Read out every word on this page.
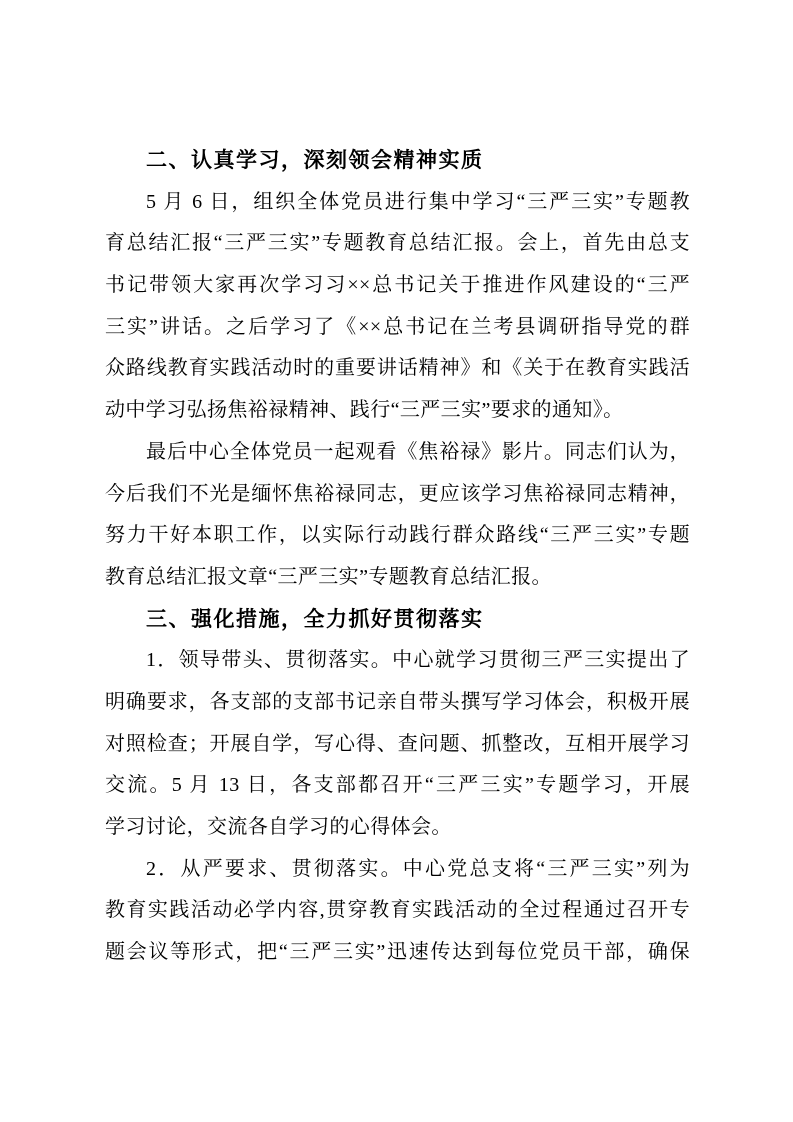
二、认真学习，深刻领会精神实质
5 月 6 日，组织全体党员进行集中学习“三严三实”专题教
育总结汇报“三严三实”专题教育总结汇报。会上，首先由总支
书记带领大家再次学习习××总书记关于推进作风建设的“三严
三实”讲话。之后学习了《××总书记在兰考县调研指导党的群
众路线教育实践活动时的重要讲话精神》和《关于在教育实践活
动中学习弘扬焦裕禄精神、践行“三严三实”要求的通知》。
最后中心全体党员一起观看《焦裕禄》影片。同志们认为，
今后我们不光是缅怀焦裕禄同志，更应该学习焦裕禄同志精神，
努力干好本职工作，以实际行动践行群众路线“三严三实”专题
教育总结汇报文章“三严三实”专题教育总结汇报。
三、强化措施，全力抓好贯彻落实
1．领导带头、贯彻落实。中心就学习贯彻三严三实提出了
明确要求，各支部的支部书记亲自带头撰写学习体会，积极开展
对照检查；开展自学，写心得、查问题、抓整改，互相开展学习
交流。5 月 13 日，各支部都召开“三严三实”专题学习，开展
学习讨论，交流各自学习的心得体会。
2．从严要求、贯彻落实。中心党总支将“三严三实”列为
教育实践活动必学内容,贯穿教育实践活动的全过程通过召开专
题会议等形式，把“三严三实”迅速传达到每位党员干部，确保
